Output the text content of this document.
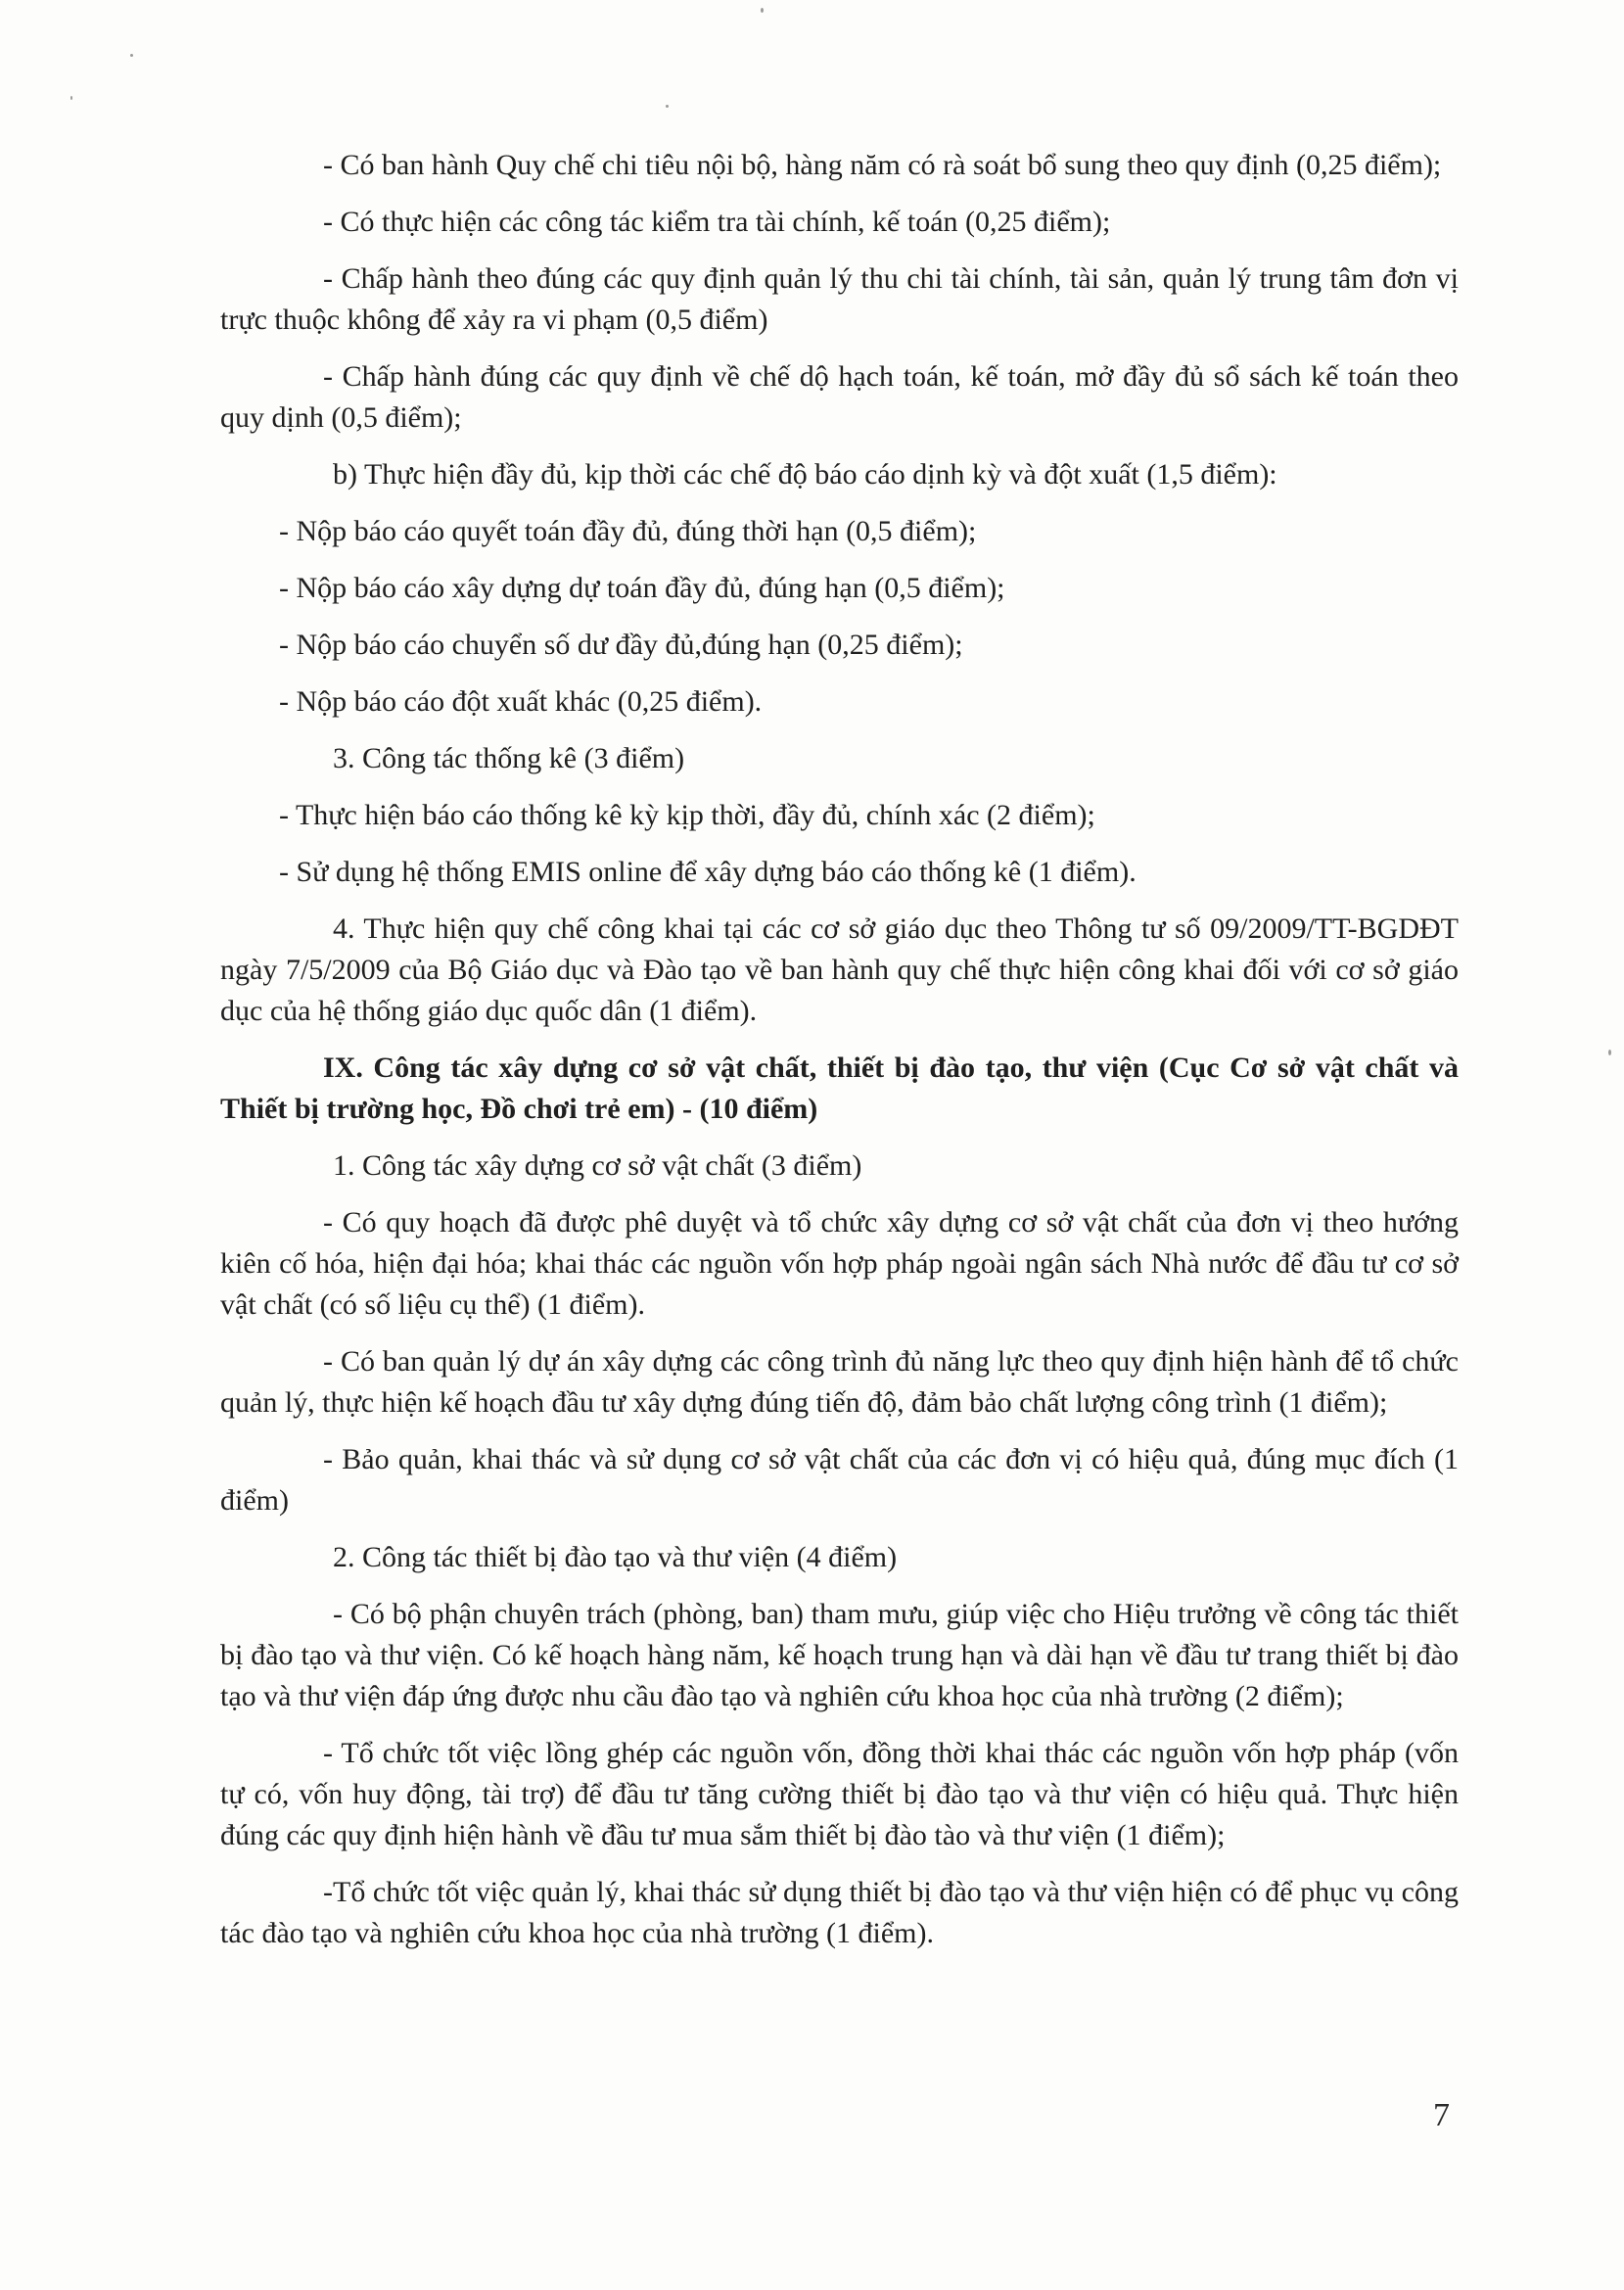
- Có ban hành Quy chế chi tiêu nội bộ, hàng năm có rà soát bổ sung theo quy định (0,25 điểm);

- Có thực hiện các công tác kiểm tra tài chính, kế toán (0,25 điểm);

- Chấp hành theo đúng các quy định quản lý thu chi tài chính, tài sản, quản lý trung tâm đơn vị trực thuộc không để xảy ra vi phạm (0,5 điểm)

- Chấp hành đúng các quy định về chế dộ hạch toán, kế toán, mở đầy đủ sổ sách kế toán theo quy dịnh (0,5 điểm);

b) Thực hiện đầy đủ, kịp thời các chế độ báo cáo dịnh kỳ và đột xuất (1,5 điểm):

- Nộp báo cáo quyết toán đầy đủ, đúng thời hạn (0,5 điểm);

- Nộp báo cáo xây dựng dự toán đầy đủ, đúng hạn (0,5 điểm);

- Nộp báo cáo chuyển số dư đầy đủ,đúng hạn (0,25 điểm);

- Nộp báo cáo đột xuất khác (0,25 điểm).

3. Công tác thống kê (3 điểm)

- Thực hiện báo cáo thống kê kỳ kịp thời, đầy đủ, chính xác (2 điểm);

- Sử dụng hệ thống EMIS online để xây dựng báo cáo thống kê (1 điểm).

4. Thực hiện quy chế công khai tại các cơ sở giáo dục theo Thông tư số 09/2009/TT-BGDĐT ngày 7/5/2009 của Bộ Giáo dục và Đào tạo về ban hành quy chế thực hiện công khai đối với cơ sở giáo dục của hệ thống giáo dục quốc dân (1 điểm).

IX. Công tác xây dựng cơ sở vật chất, thiết bị đào tạo, thư viện (Cục Cơ sở vật chất và Thiết bị trường học, Đồ chơi trẻ em) - (10 điểm)

1. Công tác xây dựng cơ sở vật chất (3 điểm)

- Có quy hoạch đã được phê duyệt và tổ chức xây dựng cơ sở vật chất của đơn vị theo hướng kiên cố hóa, hiện đại hóa; khai thác các nguồn vốn hợp pháp ngoài ngân sách Nhà nước để đầu tư cơ sở vật chất (có số liệu cụ thể) (1 điểm).

- Có ban quản lý dự án xây dựng các công trình đủ năng lực theo quy định hiện hành để tổ chức quản lý, thực hiện kế hoạch đầu tư xây dựng đúng tiến độ, đảm bảo chất lượng công trình (1 điểm);

- Bảo quản, khai thác và sử dụng cơ sở vật chất của các đơn vị có hiệu quả, đúng mục đích (1 điểm)

2. Công tác thiết bị đào tạo và thư viện (4 điểm)

- Có bộ phận chuyên trách (phòng, ban) tham mưu, giúp việc cho Hiệu trưởng về công tác thiết bị đào tạo và thư viện. Có kế hoạch hàng năm, kế hoạch trung hạn và dài hạn về đầu tư trang thiết bị đào tạo và thư viện đáp ứng được nhu cầu đào tạo và nghiên cứu khoa học của nhà trường (2 điểm);

- Tổ chức tốt việc lồng ghép các nguồn vốn, đồng thời khai thác các nguồn vốn hợp pháp (vốn tự có, vốn huy động, tài trợ) để đầu tư tăng cường thiết bị đào tạo và thư viện có hiệu quả. Thực hiện đúng các quy định hiện hành về đầu tư mua sắm thiết bị đào tào và thư viện (1 điểm);

-Tổ chức tốt việc quản lý, khai thác sử dụng thiết bị đào tạo và thư viện hiện có để phục vụ công tác đào tạo và nghiên cứu khoa học của nhà trường (1 điểm).

7
